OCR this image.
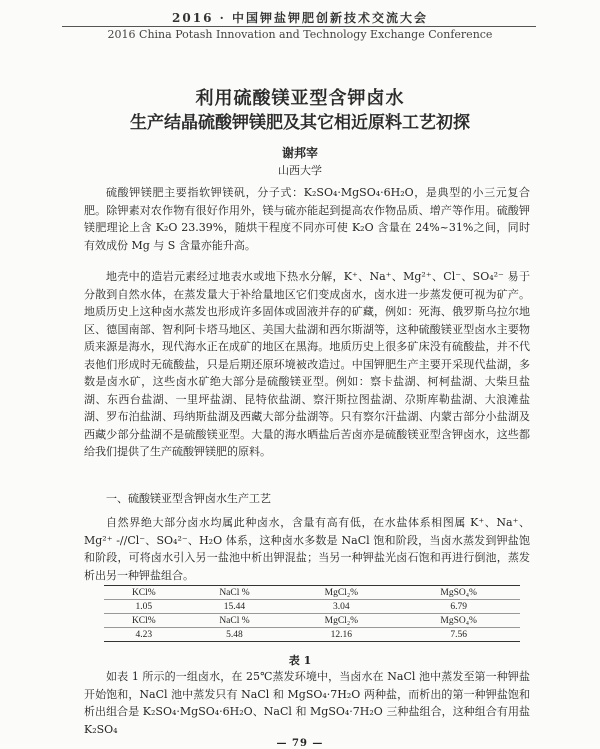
2016 · 中国钾盐钾肥创新技术交流大会
2016 China Potash Innovation and Technology Exchange Conference
利用硫酸镁亚型含钾卤水
生产结晶硫酸钾镁肥及其它相近原料工艺初探
谢邦宰
山西大学
硫酸钾镁肥主要指软钾镁矾，分子式：K₂SO₄·MgSO₄·6H₂O，是典型的小三元复合肥。除钾素对农作物有很好作用外，镁与硫亦能起到提高农作物品质、增产等作用。硫酸钾镁肥理论上含 K₂O 23.39%，随烘干程度不同亦可使 K₂O 含量在 24%~31%之间，同时有效成份 Mg 与 S 含量亦能升高。
地壳中的造岩元素经过地表水或地下热水分解，K⁺、Na⁺、Mg²⁺、Cl⁻、SO₄²⁻ 易于分散到自然水体，在蒸发量大于补给量地区它们变成卤水，卤水进一步蒸发便可视为矿产。地质历史上这种卤水蒸发也形成许多固体或固液并存的矿藏，例如：死海、俄罗斯乌拉尔地区、德国南部、智利阿卡塔马地区、美国大盐湖和西尔斯湖等，这种硫酸镁亚型卤水主要物质来源是海水，现代海水正在成矿的地区在黑海。地质历史上很多矿床没有硫酸盐，并不代表他们形成时无硫酸盐，只是后期还原环境被改造过。中国钾肥生产主要开采现代盐湖，多数是卤水矿，这些卤水矿绝大部分是硫酸镁亚型。例如：察卡盐湖、柯柯盐湖、大柴旦盐湖、东西台盐湖、一里坪盐湖、昆特依盐湖、察汗斯拉图盐湖、尕斯库勒盐湖、大浪滩盐湖、罗布泊盐湖、玛纳斯盐湖及西藏大部分盐湖等。只有察尔汗盐湖、内蒙古部分小盐湖及西藏少部分盐湖不是硫酸镁亚型。大量的海水晒盐后苦卤亦是硫酸镁亚型含钾卤水，这些都给我们提供了生产硫酸钾镁肥的原料。
一、硫酸镁亚型含钾卤水生产工艺
自然界绝大部分卤水均属此种卤水，含量有高有低，在水盐体系相图属 K⁺、Na⁺、Mg²⁺ -//Cl⁻、SO₄²⁻、H₂O 体系，这种卤水多数是 NaCl 饱和阶段，当卤水蒸发到钾盐饱和阶段，可将卤水引入另一盐池中析出钾混盐；当另一种钾盐光卤石饱和再进行倒池，蒸发析出另一种钾盐组合。
KCl%	NaCl %	MgCl₂%	MgSO₄%
1.05	15.44	3.04	6.79
KCl%	NaCl %	MgCl₂%	MgSO₄%
4.23	5.48	12.16	7.56
表 1
如表 1 所示的一组卤水，在 25℃蒸发环境中，当卤水在 NaCl 池中蒸发至第一种钾盐开始饱和，NaCl 池中蒸发只有 NaCl 和 MgSO₄·7H₂O 两种盐，而析出的第一种钾盐饱和析出组合是 K₂SO₄·MgSO₄·6H₂O、NaCl 和 MgSO₄·7H₂O 三种盐组合，这种组合有用盐 K₂SO₄
— 79 —
